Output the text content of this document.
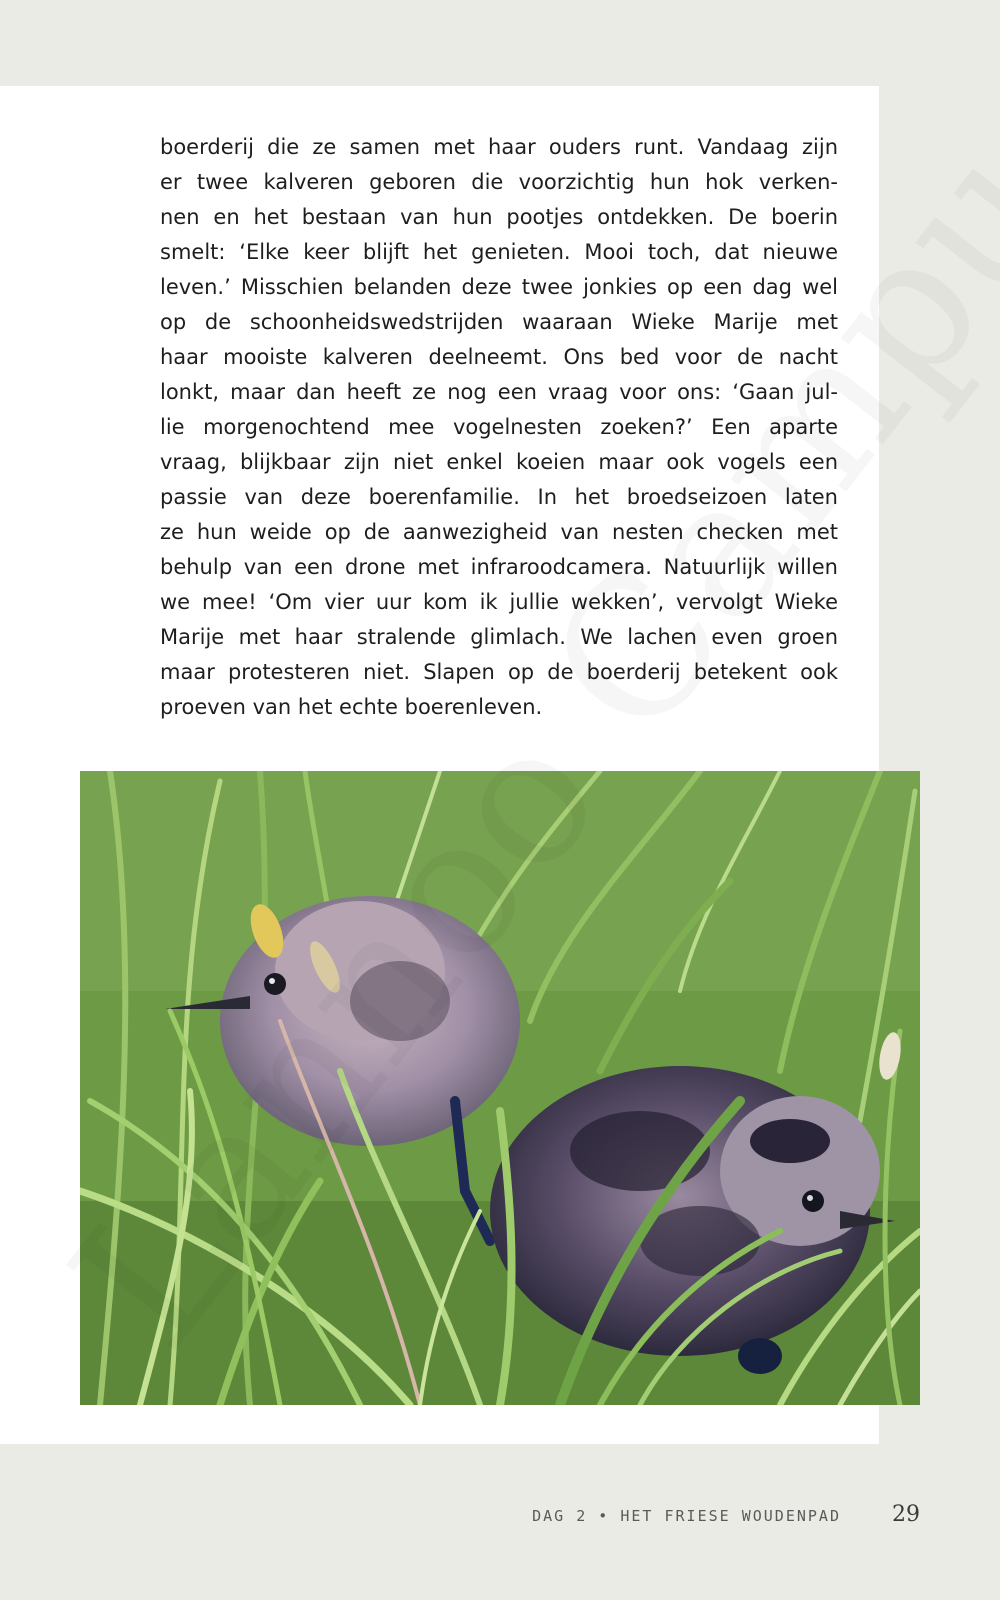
boerderij die ze samen met haar ouders runt. Vandaag zijn
er twee kalveren geboren die voorzichtig hun hok verken-
nen en het bestaan van hun pootjes ontdekken. De boerin
smelt: ‘Elke keer blijft het genieten. Mooi toch, dat nieuwe
leven.’ Misschien belanden deze twee jonkies op een dag wel
op de schoonheidswedstrijden waaraan Wieke Marije met
haar mooiste kalveren deelneemt. Ons bed voor de nacht
lonkt, maar dan heeft ze nog een vraag voor ons: ‘Gaan jul-
lie morgenochtend mee vogelnesten zoeken?’ Een aparte
vraag, blijkbaar zijn niet enkel koeien maar ook vogels een
passie van deze boerenfamilie. In het broedseizoen laten
ze hun weide op de aanwezigheid van nesten checken met
behulp van een drone met infraroodcamera. Natuurlijk willen
we mee! ‘Om vier uur kom ik jullie wekken’, vervolgt Wieke
Marije met haar stralende glimlach. We lachen even groen
maar protesteren niet. Slapen op de boerderij betekent ook
proeven van het echte boerenleven.
DAG 2 • HET FRIESE WOUDENPAD 29
